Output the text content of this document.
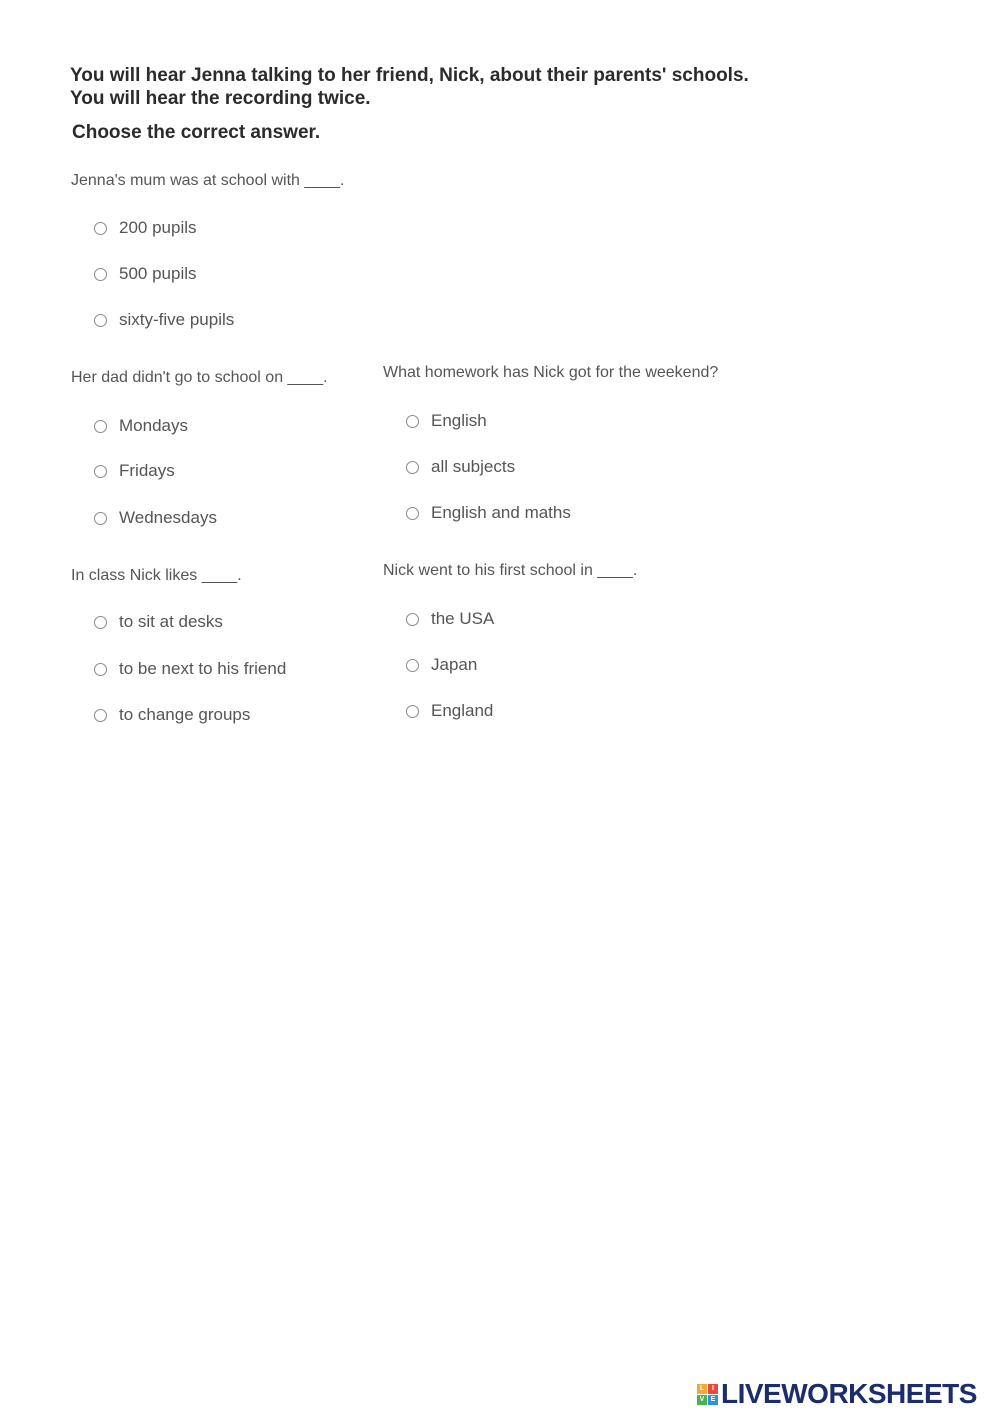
You will hear Jenna talking to her friend, Nick, about their parents' schools.
You will hear the recording twice.
Choose the correct answer.
Jenna's mum was at school with ____.
200 pupils
500 pupils
sixty-five pupils
Her dad didn't go to school on ____.
Mondays
Fridays
Wednesdays
What homework has Nick got for the weekend?
English
all subjects
English and maths
In class Nick likes ____.
to sit at desks
to be next to his friend
to change groups
Nick went to his first school in ____.
the USA
Japan
England
L	I
V E LIVEWORKSHEETS
